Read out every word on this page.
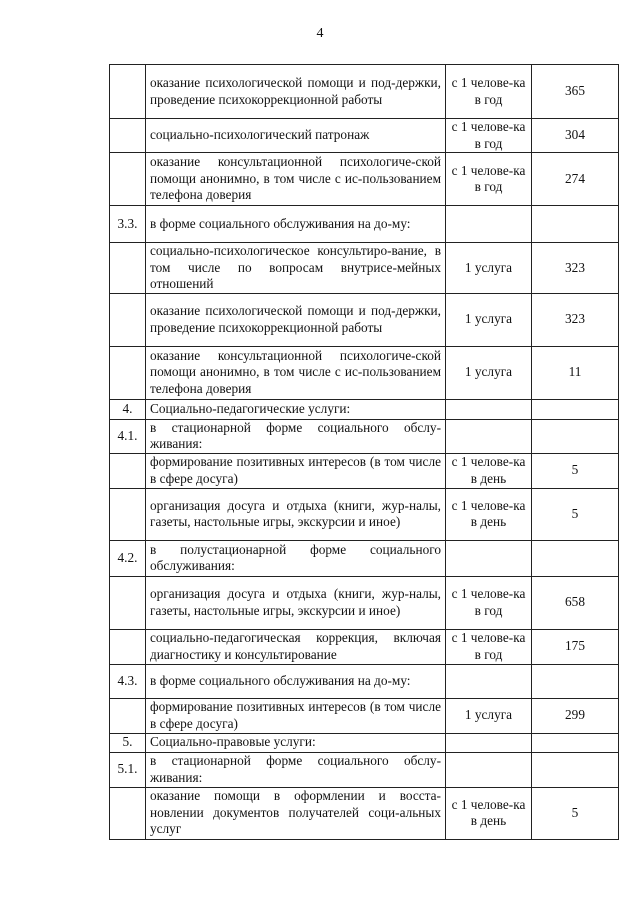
4
	оказание психологической помощи и под-держки, проведение психокоррекционной работы	с 1 челове-ка в год	365
	социально-психологический патронаж	с 1 челове-ка в год	304
	оказание консультационной психологиче-ской помощи анонимно, в том числе с ис-пользованием телефона доверия	с 1 челове-ка в год	274
3.3.	в форме социального обслуживания на до-му:		
	социально-психологическое консультиро-вание, в том числе по вопросам внутрисе-мейных отношений	1 услуга	323
	оказание психологической помощи и под-держки, проведение психокоррекционной работы	1 услуга	323
	оказание консультационной психологиче-ской помощи анонимно, в том числе с ис-пользованием телефона доверия	1 услуга	11
4.	Социально-педагогические услуги:		
4.1.	в стационарной форме социального обслу-живания:		
	формирование позитивных интересов (в том числе в сфере досуга)	с 1 челове-ка в день	5
	организация досуга и отдыха (книги, жур-налы, газеты, настольные игры, экскурсии и иное)	с 1 челове-ка в день	5
4.2.	в полустационарной форме социального обслуживания:		
	организация досуга и отдыха (книги, жур-налы, газеты, настольные игры, экскурсии и иное)	с 1 челове-ка в год	658
	социально-педагогическая коррекция, включая диагностику и консультирование	с 1 челове-ка в год	175
4.3.	в форме социального обслуживания на до-му:		
	формирование позитивных интересов (в том числе в сфере досуга)	1 услуга	299
5.	Социально-правовые услуги:		
5.1.	в стационарной форме социального обслу-живания:		
	оказание помощи в оформлении и восста-новлении документов получателей соци-альных услуг	с 1 челове-ка в день	5
